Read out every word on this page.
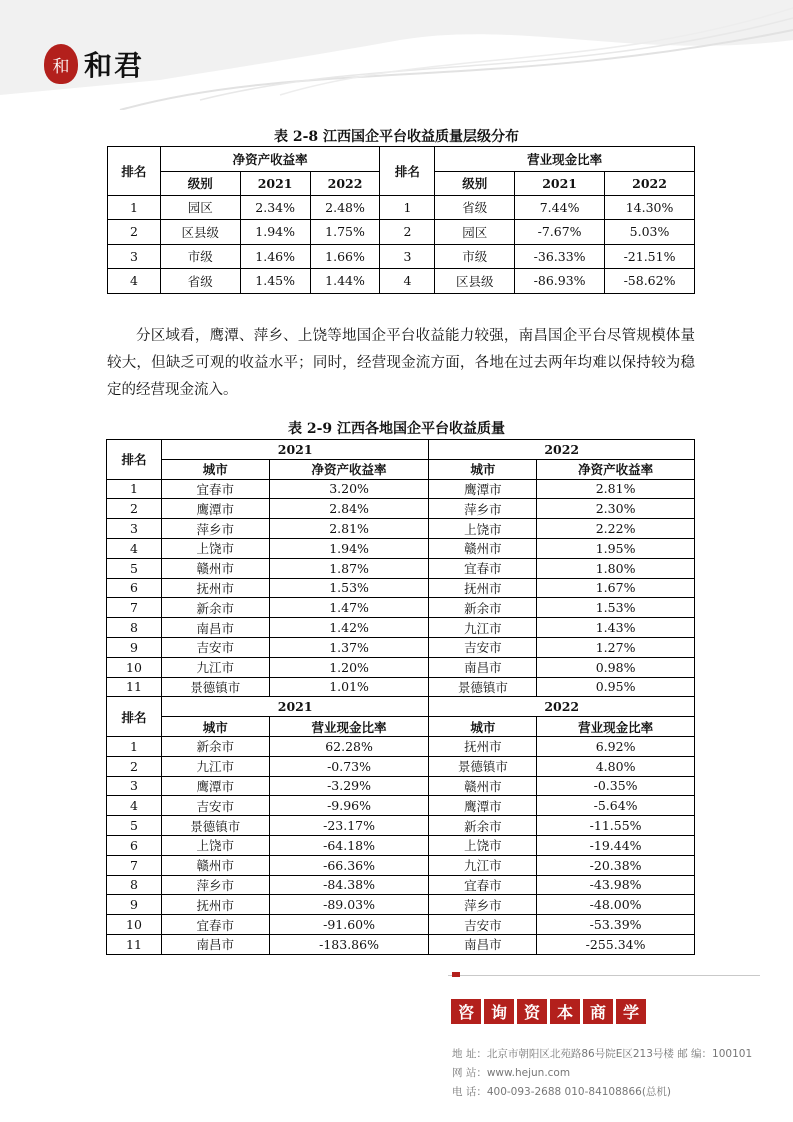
和 和君
表 2-8 江西国企平台收益质量层级分布
排名	净资产收益率			排名	营业现金比率		
	级别	2021	2022		级别	2021	2022
1	园区	2.34%	2.48%	1	省级	7.44%	14.30%
2	区县级	1.94%	1.75%	2	园区	-7.67%	5.03%
3	市级	1.46%	1.66%	3	市级	-36.33%	-21.51%
4	省级	1.45%	1.44%	4	区县级	-86.93%	-58.62%
分区域看，鹰潭、萍乡、上饶等地国企平台收益能力较强，南昌国企平台尽管规模体量较大，但缺乏可观的收益水平；同时，经营现金流方面，各地在过去两年均难以保持较为稳定的经营现金流入。
表 2-9 江西各地国企平台收益质量
排名	2021		2022	
	城市	净资产收益率	城市	净资产收益率
1	宜春市	3.20%	鹰潭市	2.81%
2	鹰潭市	2.84%	萍乡市	2.30%
3	萍乡市	2.81%	上饶市	2.22%
4	上饶市	1.94%	赣州市	1.95%
5	赣州市	1.87%	宜春市	1.80%
6	抚州市	1.53%	抚州市	1.67%
7	新余市	1.47%	新余市	1.53%
8	南昌市	1.42%	九江市	1.43%
9	吉安市	1.37%	吉安市	1.27%
10	九江市	1.20%	南昌市	0.98%
11	景德镇市	1.01%	景德镇市	0.95%
排名	2021		2022	
	城市	营业现金比率	城市	营业现金比率
1	新余市	62.28%	抚州市	6.92%
2	九江市	-0.73%	景德镇市	4.80%
3	鹰潭市	-3.29%	赣州市	-0.35%
4	吉安市	-9.96%	鹰潭市	-5.64%
5	景德镇市	-23.17%	新余市	-11.55%
6	上饶市	-64.18%	上饶市	-19.44%
7	赣州市	-66.36%	九江市	-20.38%
8	萍乡市	-84.38%	宜春市	-43.98%
9	抚州市	-89.03%	萍乡市	-48.00%
10	宜春市	-91.60%	吉安市	-53.39%
11	南昌市	-183.86%	南昌市	-255.34%
咨	询	资	本	商	学
地 址：北京市朝阳区北苑路86号院E区213号楼 邮 编：100101
网 站：www.hejun.com
电 话：400-093-2688 010-84108866(总机)
